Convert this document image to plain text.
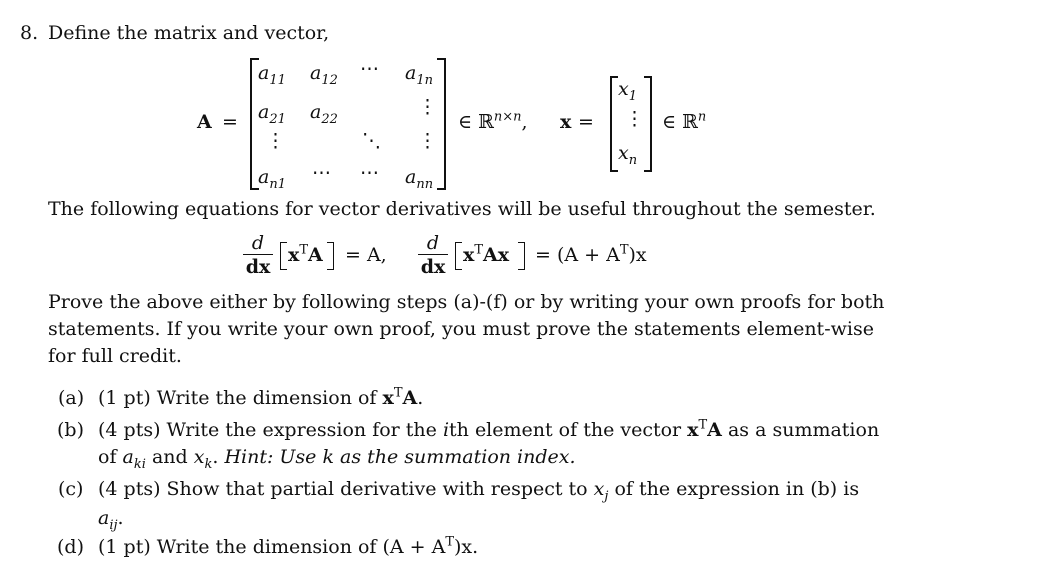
8. Define the matrix and vector,
A =
$a_{11}$ $a_{12}$
⋯ $a_{1n}$
$a_{21}$ $a_{22}$
⋮
⋮	⋱ ⋮
$a_{n1}$
⋯ ⋯ $a_{nn}$
∈ ℝ$^{n\times n}$, x =
$x_1$
⋮
$x_n$
∈ ℝ$^n$
The following equations for vector derivatives will be useful throughout the semester.
$\frac{d}{dx} x^TA = A$, $\frac{d}{dx} x^TAx = (A + A^T)x$
Prove the above either by following steps (a)-(f) or by writing your own proofs for both
statements. If you write your own proof, you must prove the statements element-wise
for full credit.
(a) (1 pt) Write the dimension of $x^TA$.
(b) (4 pts) Write the expression for the ith element of the vector $x^TA$ as a summation
of $a_{ki}$ and $x_k$. Hint: Use k as the summation index.
(c) (4 pts) Show that partial derivative with respect to $x_j$ of the expression in (b) is
$a_{ij}$.
(d) (1 pt) Write the dimension of $(A + A^T)x$.
